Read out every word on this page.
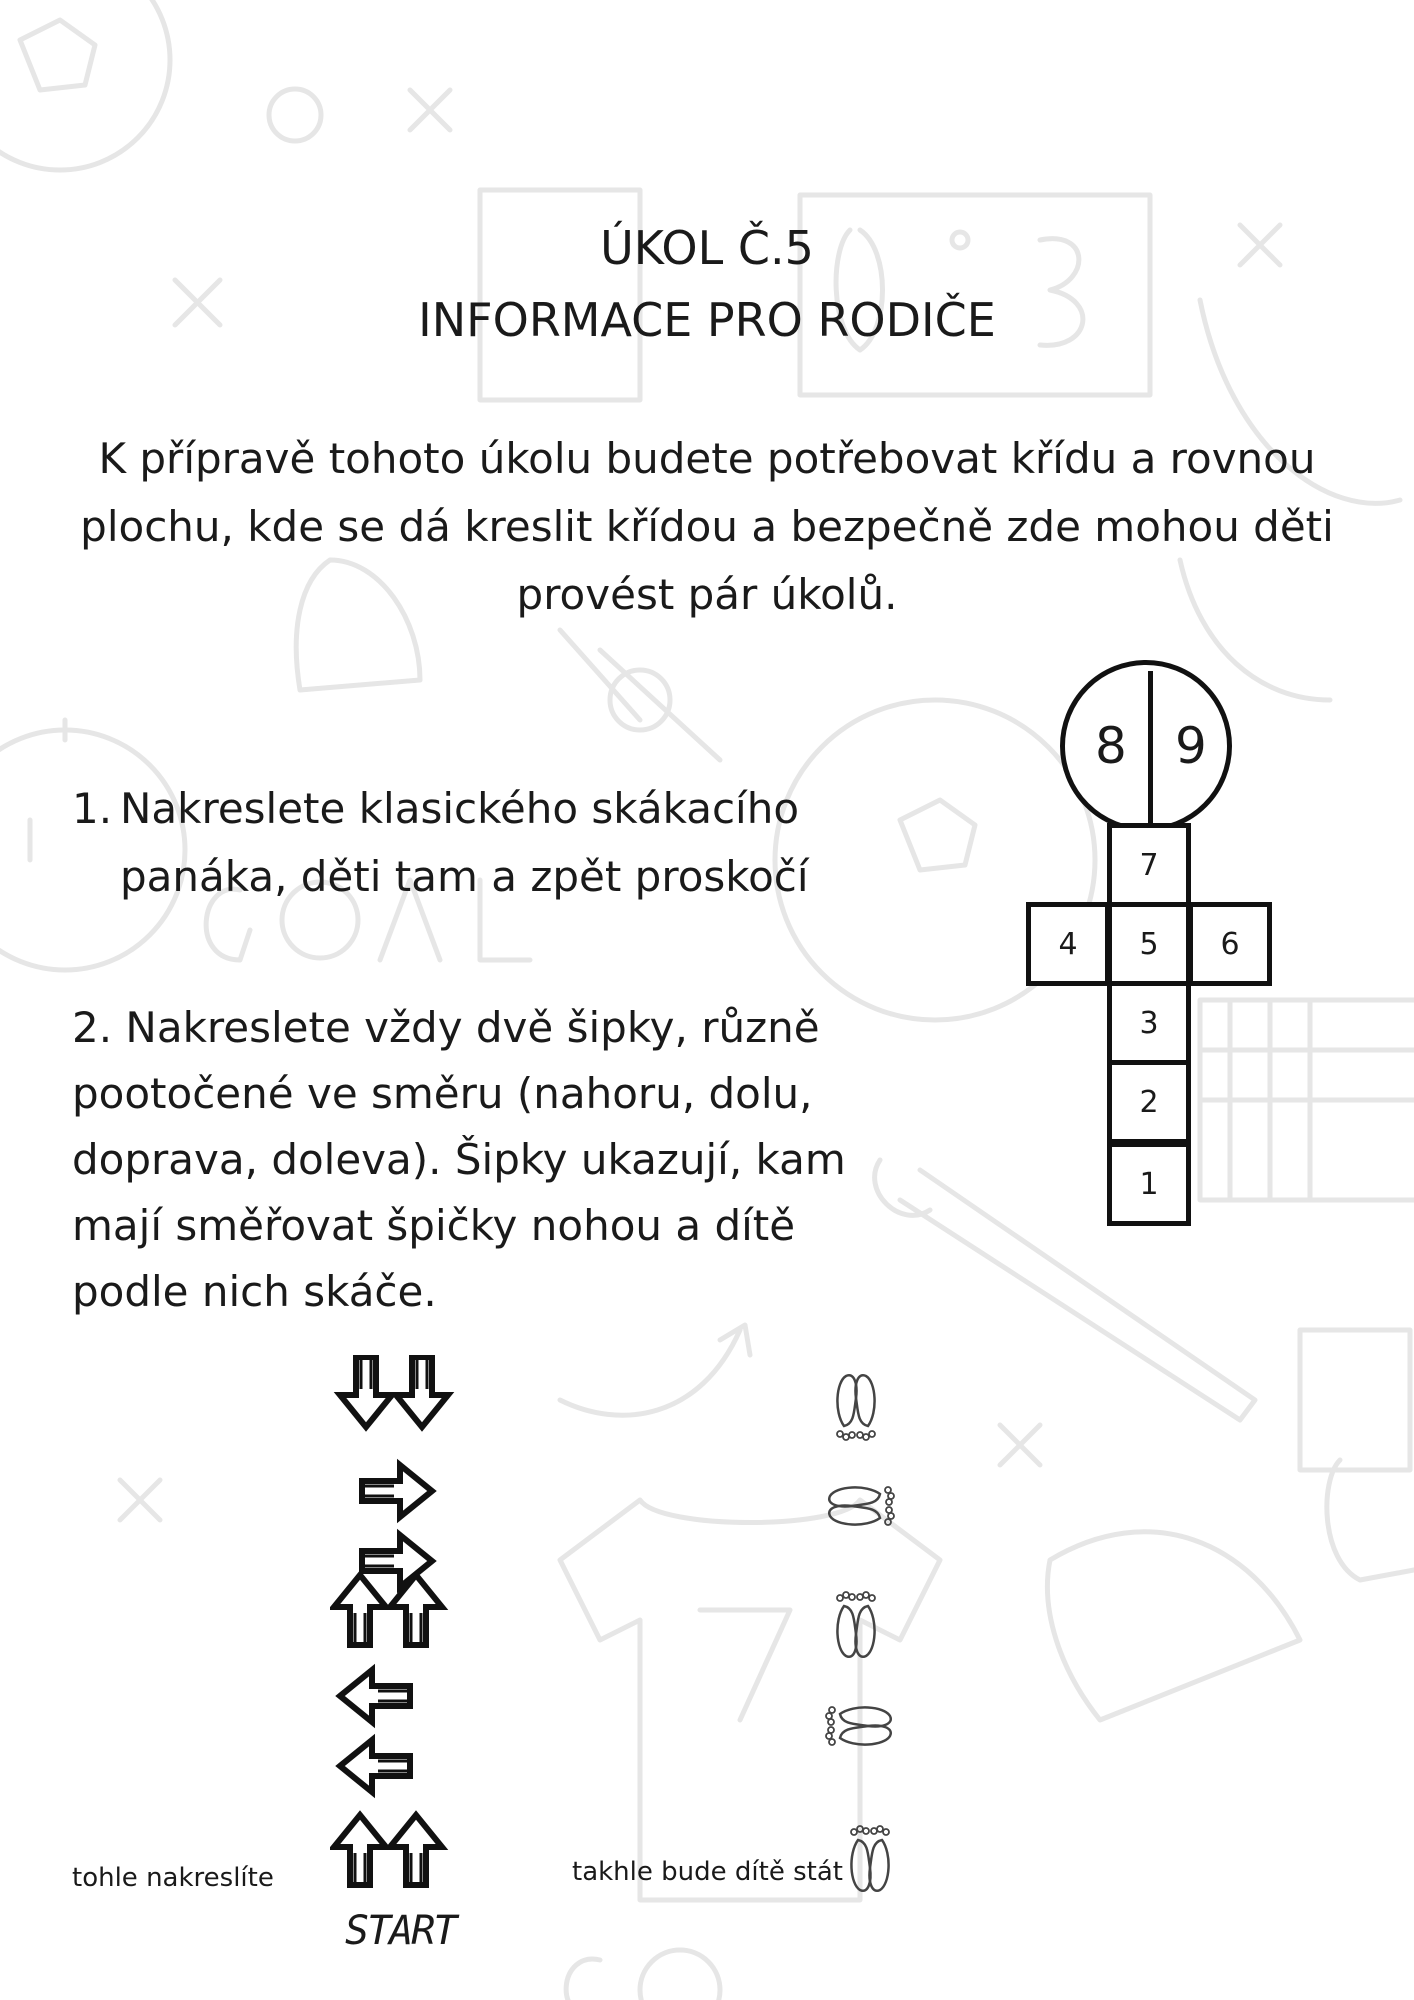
ÚKOL Č.5
INFORMACE PRO RODIČE
K přípravě tohoto úkolu budete potřebovat křídu a rovnou plochu, kde se dá kreslit křídou a bezpečně zde mohou děti provést pár úkolů.
1. Nakreslete klasického skákacího panáka, děti tam a zpět proskočí
2. Nakreslete vždy dvě šipky, různě pootočené ve směru (nahoru, dolu, doprava, doleva). Šipky ukazují, kam mají směřovat špičky nohou a dítě podle nich skáče.
8 9
7
4	5	6
3
2
1
tohle nakreslíte	takhle bude dítě stát
START
